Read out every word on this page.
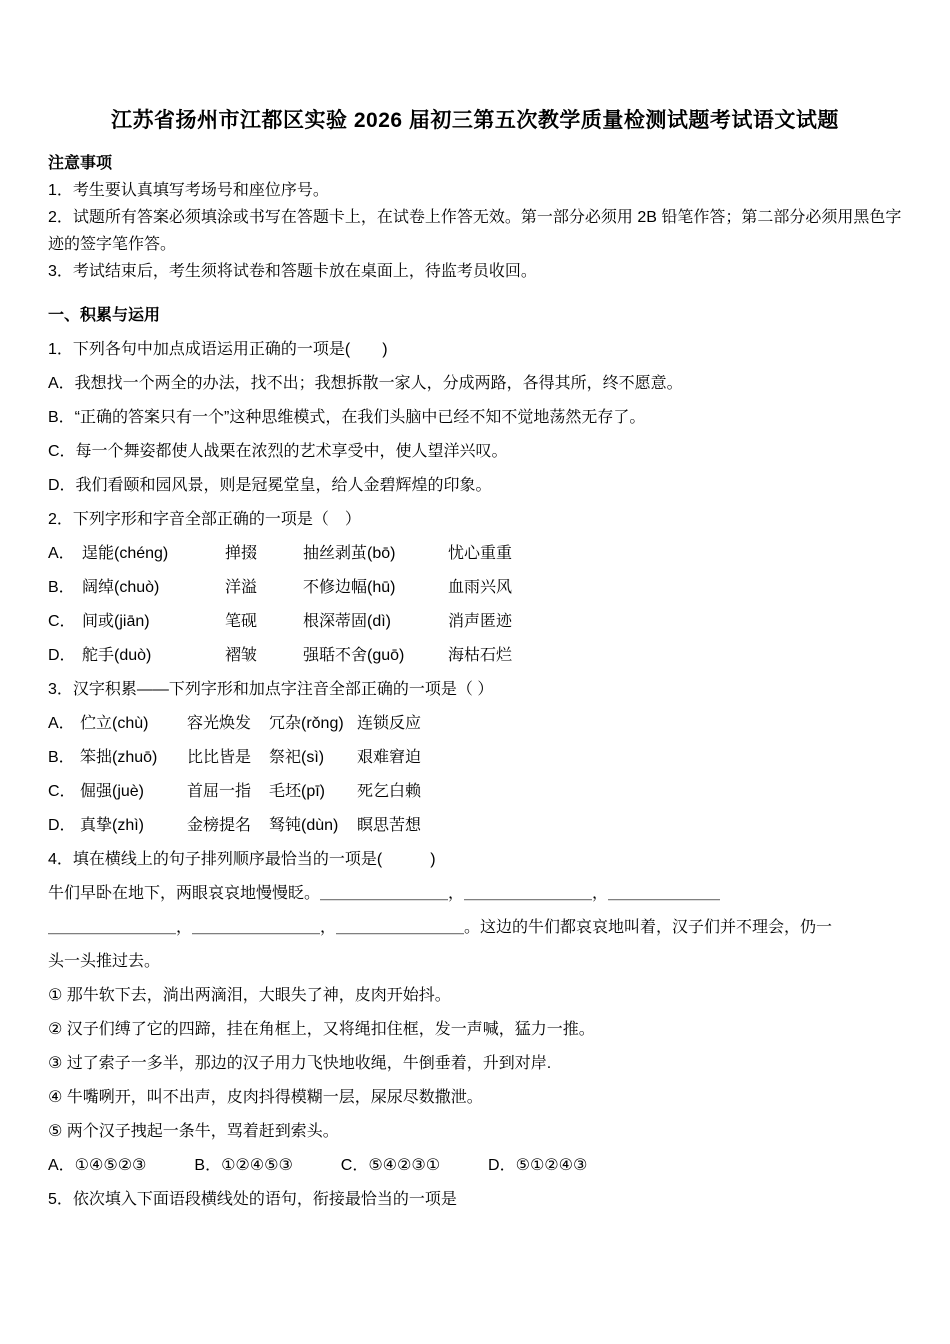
江苏省扬州市江都区实验 2026 届初三第五次教学质量检测试题考试语文试题

注意事项

1．考生要认真填写考场号和座位序号。

2．试题所有答案必须填涂或书写在答题卡上，在试卷上作答无效。第一部分必须用 2B 铅笔作答；第二部分必须用黑色字迹的签字笔作答。

3．考试结束后，考生须将试卷和答题卡放在桌面上，待监考员收回。

一、积累与运用

1．下列各句中加点成语运用正确的一项是(　　)

A．我想找一个两全的办法，找不出；我想拆散一家人，分成两路，各得其所，终不愿意。

B．“正确的答案只有一个”这种思维模式，在我们头脑中已经不知不觉地荡然无存了。

C．每一个舞姿都使人战栗在浓烈的艺术享受中，使人望洋兴叹。

D．我们看颐和园风景，则是冠冕堂皇，给人金碧辉煌的印象。

2．下列字形和字音全部正确的一项是（　）

A． 逞能(chéng)	掸掇	抽丝剥茧(bō)	忧心重重
B． 阔绰(chuò)	洋溢	不修边幅(hū)	血雨兴风
C． 间或(jiān)	笔砚	根深蒂固(dì)	消声匿迹
D． 舵手(duò)	褶皱	强聒不舍(guō)	海枯石烂

3．汉字积累——下列字形和加点字注音全部正确的一项是（ ）

A． 伫立(chù)	容光焕发	冗杂(rǒng) 连锁反应
B． 笨拙(zhuō)	比比皆是	祭祀(sì)	艰难窘迫
C． 倔强(juè)	首屈一指	毛坯(pī)	死乞白赖
D． 真挚(zhì)	金榜提名	驽钝(dùn)	瞑思苦想

4．填在横线上的句子排列顺序最恰当的一项是(　　　)

牛们早卧在地下，两眼哀哀地慢慢眨。＿＿＿＿＿＿＿＿，＿＿＿＿＿＿＿＿，＿＿＿＿＿＿＿

＿＿＿＿＿＿＿＿，＿＿＿＿＿＿＿＿，＿＿＿＿＿＿＿＿。这边的牛们都哀哀地叫着，汉子们并不理会，仍一

头一头推过去。

① 那牛软下去，淌出两滴泪，大眼失了神，皮肉开始抖。

② 汉子们缚了它的四蹄，挂在角框上，又将绳扣住框，发一声喊，猛力一推。

③ 过了索子一多半，那边的汉子用力飞快地收绳，牛倒垂着，升到对岸.

④ 牛嘴咧开，叫不出声，皮肉抖得模糊一层，屎尿尽数撒泄。

⑤ 两个汉子拽起一条牛，骂着赶到索头。

A．①④⑤②③　　　B．①②④⑤③　　　C．⑤④②③①　　　D．⑤①②④③

5．依次填入下面语段横线处的语句，衔接最恰当的一项是
